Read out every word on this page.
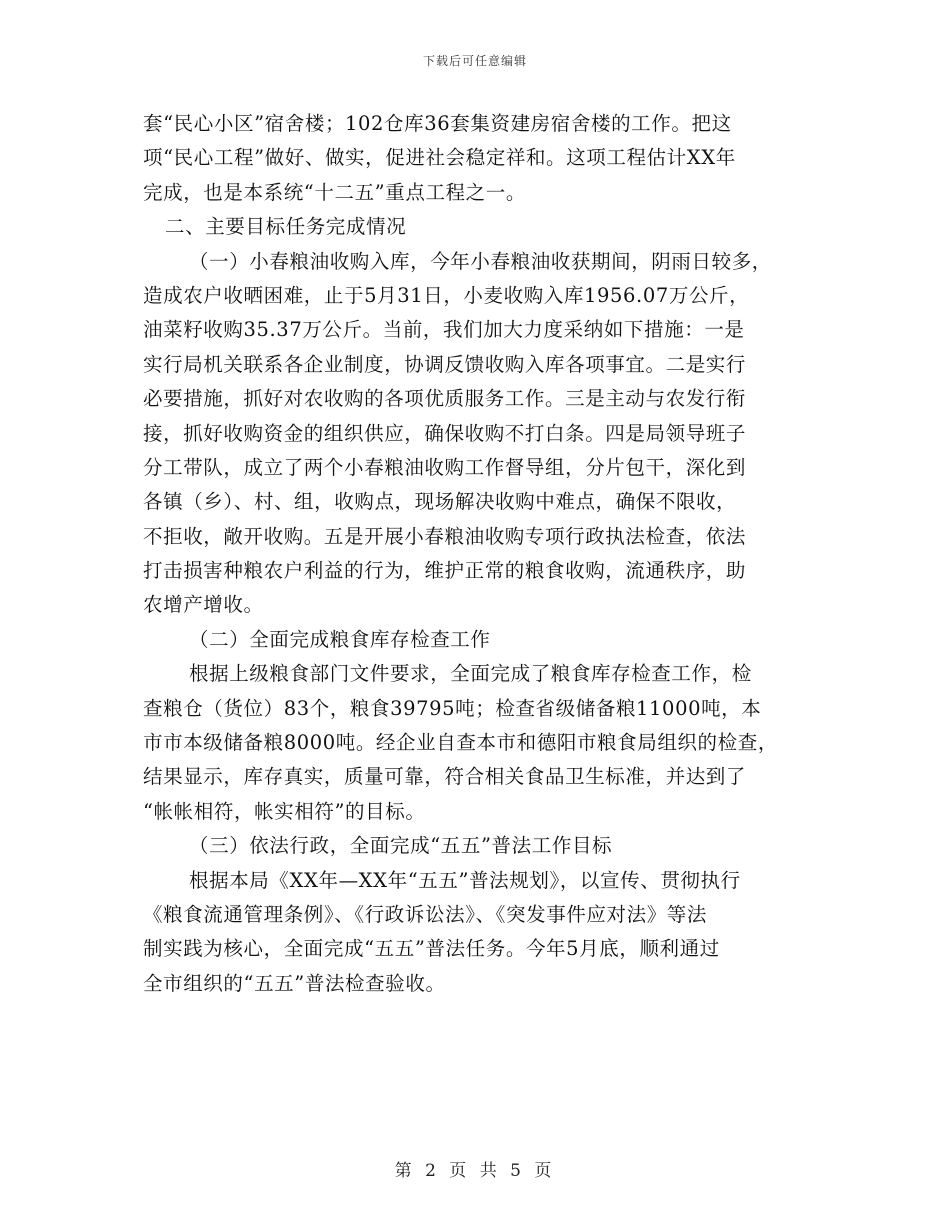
下载后可任意编辑
套“民心小区”宿舍楼；102仓库36套集资建房宿舍楼的工作。把这
项“民心工程”做好、做实，促进社会稳定祥和。这项工程估计XX年
完成，也是本系统“十二五”重点工程之一。
二、主要目标任务完成情况
（一）小春粮油收购入库，今年小春粮油收获期间，阴雨日较多，
造成农户收晒困难，止于5月31日，小麦收购入库1956.07万公斤，
油菜籽收购35.37万公斤。当前，我们加大力度采纳如下措施：一是
实行局机关联系各企业制度，协调反馈收购入库各项事宜。二是实行
必要措施，抓好对农收购的各项优质服务工作。三是主动与农发行衔
接，抓好收购资金的组织供应，确保收购不打白条。四是局领导班子
分工带队，成立了两个小春粮油收购工作督导组，分片包干，深化到
各镇（乡）、村、组，收购点，现场解决收购中难点，确保不限收，
不拒收，敞开收购。五是开展小春粮油收购专项行政执法检查，依法
打击损害种粮农户利益的行为，维护正常的粮食收购，流通秩序，助
农增产增收。
（二）全面完成粮食库存检查工作
根据上级粮食部门文件要求，全面完成了粮食库存检查工作，检
查粮仓（货位）83个，粮食39795吨；检查省级储备粮11000吨，本
市市本级储备粮8000吨。经企业自查本市和德阳市粮食局组织的检查，
结果显示，库存真实，质量可靠，符合相关食品卫生标准，并达到了
“帐帐相符，帐实相符”的目标。
（三）依法行政，全面完成“五五”普法工作目标
根据本局《XX年—XX年“五五”普法规划》，以宣传、贯彻执行
《粮食流通管理条例》、《行政诉讼法》、《突发事件应对法》等法
制实践为核心，全面完成“五五”普法任务。今年5月底，顺利通过
全市组织的“五五”普法检查验收。
第 2 页 共 5 页
